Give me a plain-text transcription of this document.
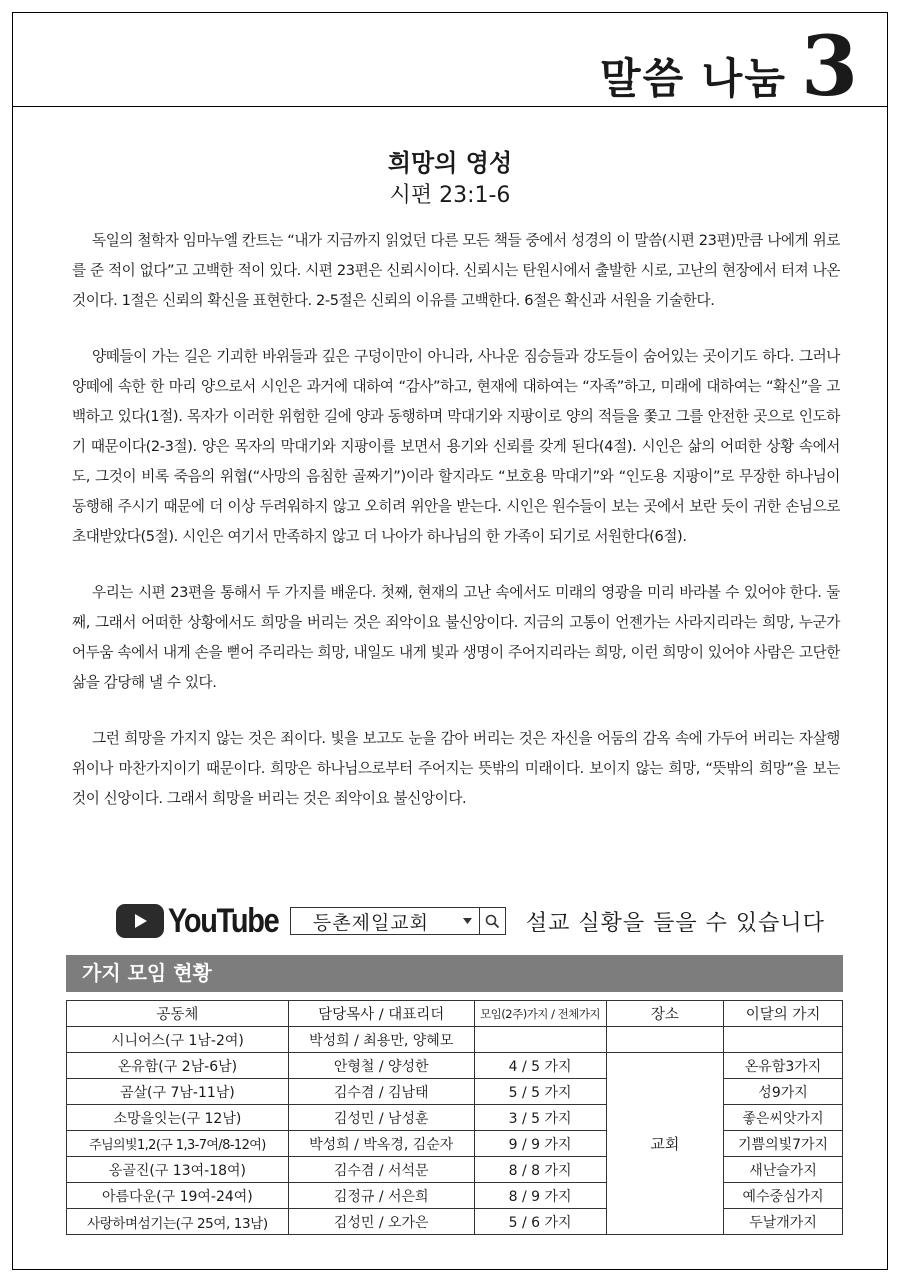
말씀 나눔 3
희망의 영성
시편 23:1-6

독일의 철학자 임마누엘 칸트는 “내가 지금까지 읽었던 다른 모든 책들 중에서 성경의 이 말씀(시편 23편)만큼 나에게 위로를 준 적이 없다”고 고백한 적이 있다. 시편 23편은 신뢰시이다. 신뢰시는 탄원시에서 출발한 시로, 고난의 현장에서 터져 나온 것이다. 1절은 신뢰의 확신을 표현한다. 2-5절은 신뢰의 이유를 고백한다. 6절은 확신과 서원을 기술한다.

양떼들이 가는 길은 기괴한 바위들과 깊은 구덩이만이 아니라, 사나운 짐승들과 강도들이 숨어있는 곳이기도 하다. 그러나 양떼에 속한 한 마리 양으로서 시인은 과거에 대하여 “감사”하고, 현재에 대하여는 “자족”하고, 미래에 대하여는 “확신”을 고백하고 있다(1절). 목자가 이러한 위험한 길에 양과 동행하며 막대기와 지팡이로 양의 적들을 쫓고 그를 안전한 곳으로 인도하기 때문이다(2-3절). 양은 목자의 막대기와 지팡이를 보면서 용기와 신뢰를 갖게 된다(4절). 시인은 삶의 어떠한 상황 속에서도, 그것이 비록 죽음의 위협(“사망의 음침한 골짜기”)이라 할지라도 “보호용 막대기”와 “인도용 지팡이”로 무장한 하나님이 동행해 주시기 때문에 더 이상 두려워하지 않고 오히려 위안을 받는다. 시인은 원수들이 보는 곳에서 보란 듯이 귀한 손님으로 초대받았다(5절). 시인은 여기서 만족하지 않고 더 나아가 하나님의 한 가족이 되기로 서원한다(6절).

우리는 시편 23편을 통해서 두 가지를 배운다. 첫째, 현재의 고난 속에서도 미래의 영광을 미리 바라볼 수 있어야 한다. 둘째, 그래서 어떠한 상황에서도 희망을 버리는 것은 죄악이요 불신앙이다. 지금의 고통이 언젠가는 사라지리라는 희망, 누군가 어두움 속에서 내게 손을 뻗어 주리라는 희망, 내일도 내게 빛과 생명이 주어지리라는 희망, 이런 희망이 있어야 사람은 고단한 삶을 감당해 낼 수 있다.

그런 희망을 가지지 않는 것은 죄이다. 빛을 보고도 눈을 감아 버리는 것은 자신을 어둠의 감옥 속에 가두어 버리는 자살행위이나 마찬가지이기 때문이다. 희망은 하나님으로부터 주어지는 뜻밖의 미래이다. 보이지 않는 희망, “뜻밖의 희망”을 보는 것이 신앙이다. 그래서 희망을 버리는 것은 죄악이요 불신앙이다.

YouTube	등촌제일교회	설교 실황을 들을 수 있습니다
가지 모임 현황
공동체	담당목사 / 대표리더	모임(2주)가지 / 전체가지	장소	이달의 가지
시니어스(구 1남-2여)	박성희 / 최용만, 양혜모			
온유함(구 2남-6남)	안형철 / 양성한	4 / 5 가지	교회	온유함3가지
곰살(구 7남-11남)	김수겸 / 김남태	5 / 5 가지		성9가지
소망을잇는(구 12남)	김성민 / 남성훈	3 / 5 가지		좋은씨앗가지
주님의빛1,2(구 1,3-7여/8-12여)	박성희 / 박옥경, 김순자	9 / 9 가지		기쁨의빛7가지
옹골진(구 13여-18여)	김수겸 / 서석문	8 / 8 가지		새난슬가지
아름다운(구 19여-24여)	김정규 / 서은희	8 / 9 가지		예수중심가지
사랑하며섬기는(구 25여, 13남)	김성민 / 오가은	5 / 6 가지		두날개가지
